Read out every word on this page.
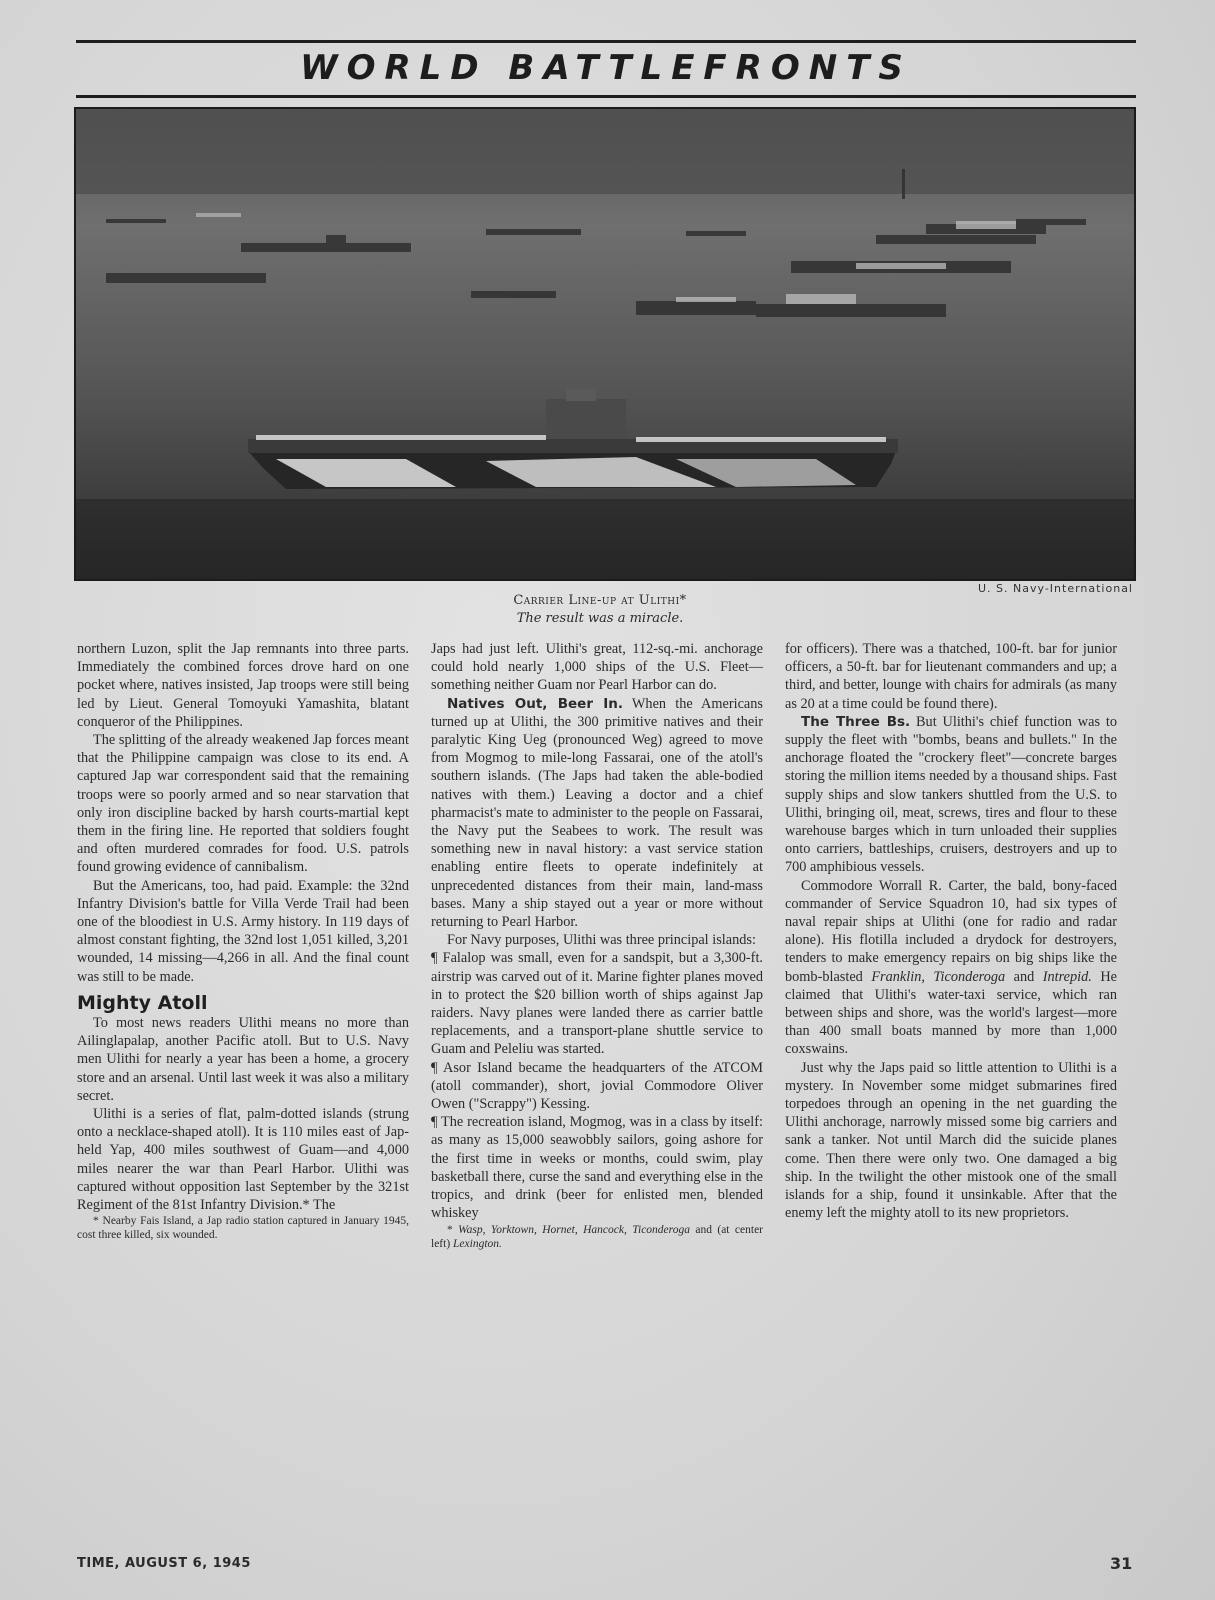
WORLD BATTLEFRONTS
U. S. Navy-International
Carrier Line-up at Ulithi*
The result was a miracle.

northern Luzon, split the Jap remnants into three parts. Immediately the combined forces drove hard on one pocket where, natives insisted, Jap troops were still being led by Lieut. General Tomoyuki Yamashita, blatant conqueror of the Philippines.

The splitting of the already weakened Jap forces meant that the Philippine campaign was close to its end. A captured Jap war correspondent said that the remaining troops were so poorly armed and so near starvation that only iron discipline backed by harsh courts-martial kept them in the firing line. He reported that soldiers fought and often murdered comrades for food. U.S. patrols found growing evidence of cannibalism.

But the Americans, too, had paid. Example: the 32nd Infantry Division's battle for Villa Verde Trail had been one of the bloodiest in U.S. Army history. In 119 days of almost constant fighting, the 32nd lost 1,051 killed, 3,201 wounded, 14 missing—4,266 in all. And the final count was still to be made.

Mighty Atoll

To most news readers Ulithi means no more than Ailinglapalap, another Pacific atoll. But to U.S. Navy men Ulithi for nearly a year has been a home, a grocery store and an arsenal. Until last week it was also a military secret.

Ulithi is a series of flat, palm-dotted islands (strung onto a necklace-shaped atoll). It is 110 miles east of Jap-held Yap, 400 miles southwest of Guam—and 4,000 miles nearer the war than Pearl Harbor. Ulithi was captured without opposition last September by the 321st Regiment of the 81st Infantry Division.* The

* Nearby Fais Island, a Jap radio station captured in January 1945, cost three killed, six wounded.

Japs had just left. Ulithi's great, 112-sq.-mi. anchorage could hold nearly 1,000 ships of the U.S. Fleet—something neither Guam nor Pearl Harbor can do.

Natives Out, Beer In. When the Americans turned up at Ulithi, the 300 primitive natives and their paralytic King Ueg (pronounced Weg) agreed to move from Mogmog to mile-long Fassarai, one of the atoll's southern islands. (The Japs had taken the able-bodied natives with them.) Leaving a doctor and a chief pharmacist's mate to administer to the people on Fassarai, the Navy put the Seabees to work. The result was something new in naval history: a vast service station enabling entire fleets to operate indefinitely at unprecedented distances from their main, land-mass bases. Many a ship stayed out a year or more without returning to Pearl Harbor.

For Navy purposes, Ulithi was three principal islands:

¶ Falalop was small, even for a sandspit, but a 3,300-ft. airstrip was carved out of it. Marine fighter planes moved in to protect the $20 billion worth of ships against Jap raiders. Navy planes were landed there as carrier battle replacements, and a transport-plane shuttle service to Guam and Peleliu was started.

¶ Asor Island became the headquarters of the ATCOM (atoll commander), short, jovial Commodore Oliver Owen ("Scrappy") Kessing.

¶ The recreation island, Mogmog, was in a class by itself: as many as 15,000 seawobbly sailors, going ashore for the first time in weeks or months, could swim, play basketball there, curse the sand and everything else in the tropics, and drink (beer for enlisted men, blended whiskey

* Wasp, Yorktown, Hornet, Hancock, Ticonderoga and (at center left) Lexington.

for officers). There was a thatched, 100-ft. bar for junior officers, a 50-ft. bar for lieutenant commanders and up; a third, and better, lounge with chairs for admirals (as many as 20 at a time could be found there).

The Three Bs. But Ulithi's chief function was to supply the fleet with "bombs, beans and bullets." In the anchorage floated the "crockery fleet"—concrete barges storing the million items needed by a thousand ships. Fast supply ships and slow tankers shuttled from the U.S. to Ulithi, bringing oil, meat, screws, tires and flour to these warehouse barges which in turn unloaded their supplies onto carriers, battleships, cruisers, destroyers and up to 700 amphibious vessels.

Commodore Worrall R. Carter, the bald, bony-faced commander of Service Squadron 10, had six types of naval repair ships at Ulithi (one for radio and radar alone). His flotilla included a drydock for destroyers, tenders to make emergency repairs on big ships like the bomb-blasted Franklin, Ticonderoga and Intrepid. He claimed that Ulithi's water-taxi service, which ran between ships and shore, was the world's largest—more than 400 small boats manned by more than 1,000 coxswains.

Just why the Japs paid so little attention to Ulithi is a mystery. In November some midget submarines fired torpedoes through an opening in the net guarding the Ulithi anchorage, narrowly missed some big carriers and sank a tanker. Not until March did the suicide planes come. Then there were only two. One damaged a big ship. In the twilight the other mistook one of the small islands for a ship, found it unsinkable. After that the enemy left the mighty atoll to its new proprietors.

TIME, AUGUST 6, 1945	31
